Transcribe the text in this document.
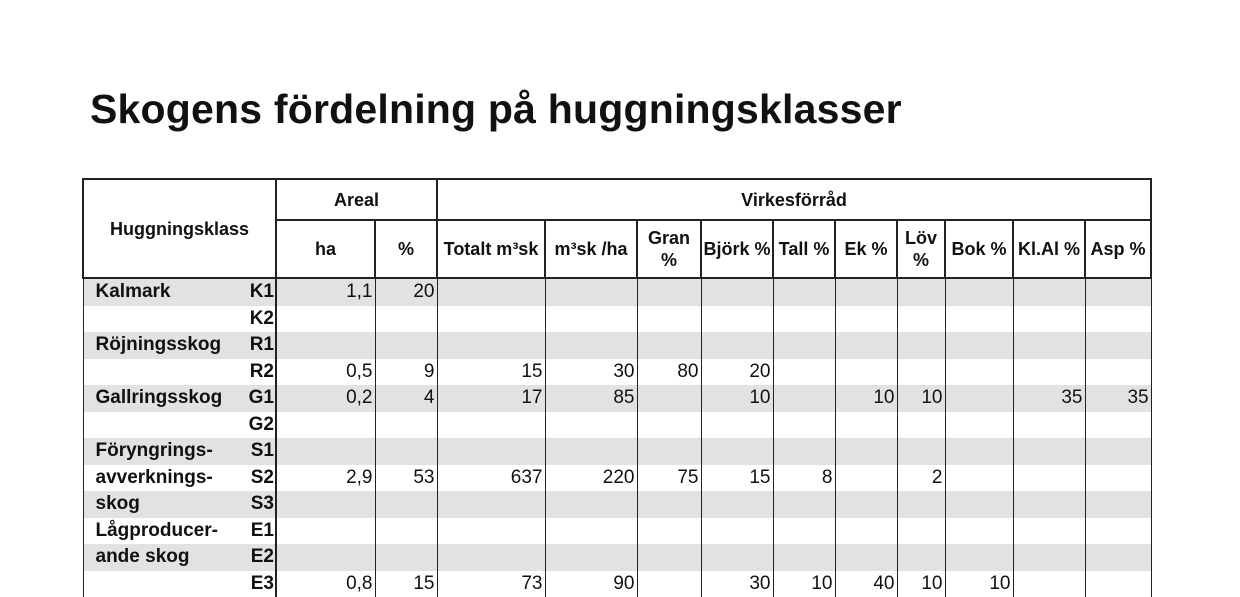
Skogens fördelning på huggningsklasser
Huggningsklass		Areal		Virkesförråd									
		ha	%	Totalt m³sk	m³sk /ha	Gran %	Björk %	Tall %	Ek %	Löv %	Bok %	Kl.Al %	Asp %
Kalmark	K1	1,1	20										
	K2												
Röjningsskog	R1												
	R2	0,5	9	15	30	80	20						
Gallringsskog	G1	0,2	4	17	85		10		10	10		35	35
	G2												
Föryngrings-	S1												
avverknings-	S2	2,9	53	637	220	75	15	8		2			
skog	S3												
Lågproducer-	E1												
ande skog	E2												
	E3	0,8	15	73	90		30	10	40	10	10		
